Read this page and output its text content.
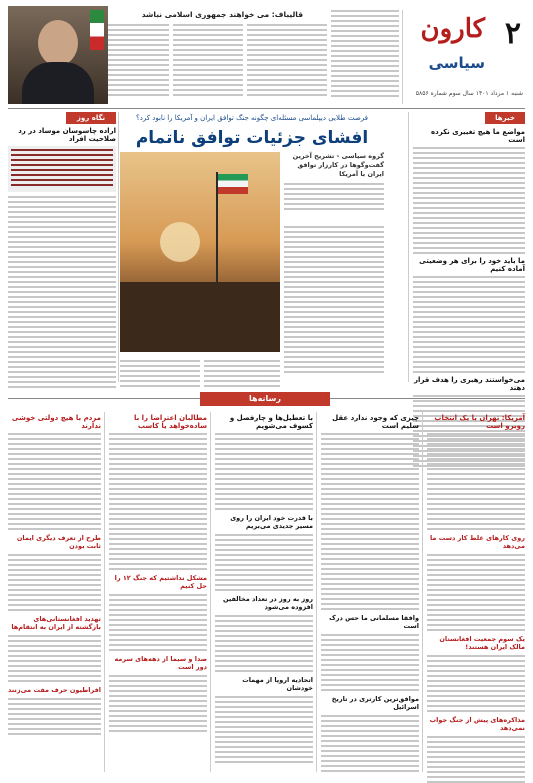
۲
کارون
سیاسی
شنبه ۱ مرداد ۱۴۰۱ سال سوم شماره ۵۸۵۶
قالیباف: می خواهند جمهوری اسلامی نباشد
خبرها
مواضع ما هیچ تغییری نکرده است
ما باید خود را برای هر وضعیتی آماده کنیم
می‌خواستند رهبری را هدف قرار دهند
فرصت طلایی دیپلماسی مسئله‌ای چگونه جنگ توافق ایران و آمریکا را نابود کرد؟
افشای جزئیات توافق ناتمام

گروه سیاسی - تشریح آخرین گفت‌وگوها در کارزار توافق ایران با آمریکا

نگاه روز
اراده چاسوسان موساد در رد صلاحیت افراد
رسانه‌ها
آمریکا: تهران با یک انتخاب روبرو است
روی کارهای غلط کار دست ما می‌دهد
یک سوم جمعیت افغانستان مالک ایران هستند!
مذاکره‌های پیش از جنگ جواب نمی‌دهد
چیزی که وجود ندارد عقل سلیم است
وافقا مسلمانی ما حس درک است
موافق‌ترین کارتری در تاریخ اسرائیل
با تعطیل‌ها و چارفصل و کسوف می‌شویم
با قدرت خود ایران را روی مسیر جدیدی می‌بریم
روز به روز در تعداد مخالفین افزوده می‌شود
اتحادیه اروپا از مهمات خودشان
مطالبان اعتراضا را با ساده‌خواهد یا کاسب
مشکل نداشتیم که جنگ ۱۲ را حل کنیم
صدا و سیما از دهه‌های سرمه دور است
مردم با هیچ دولتی خوشی ندارند
طرح از تعرف دیگری ایمان ثابت بودن
تهدید افغانستانی‌های بازگشته از ایران به انتقام‌ها
افراطیون حرف مفت می‌زنند
